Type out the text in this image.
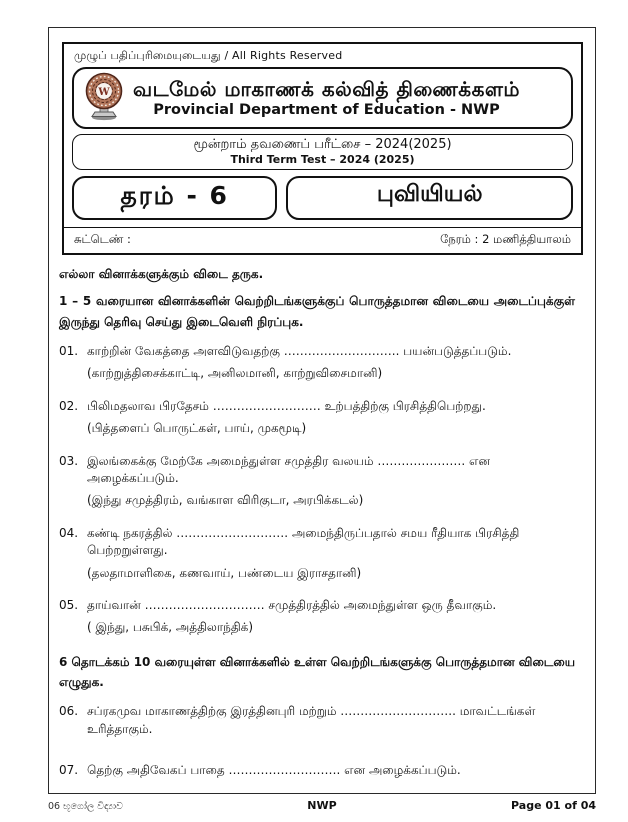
முழுப் பதிப்புரிமையுடையது / All Rights Reserved
W	வடமேல் மாகாணக் கல்வித் திணைக்களம்
Provincial Department of Education - NWP
மூன்றாம் தவணைப் பரீட்சை – 2024(2025)
Third Term Test – 2024 (2025)
தரம் - 6	புவியியல்
சுட்டெண் :	நேரம் : 2 மணித்தியாலம்

எல்லா வினாக்களுக்கும் விடை தருக.

1 – 5 வரையான வினாக்களின் வெற்றிடங்களுக்குப் பொருத்தமான விடையை அடைப்புக்குள் இருந்து தெரிவு செய்து இடைவெளி நிரப்புக.

01. காற்றின் வேகத்தை அளவிடுவதற்கு ……………………….. பயன்படுத்தப்படும்.
(காற்றுத்திசைக்காட்டி, அனிலமானி, காற்றுவிசைமானி)
02. பிலிமதலாவ பிரதேசம் ……………………… உற்பத்திற்கு பிரசித்திபெற்றது.
(பித்தளைப் பொருட்கள், பாய், முகமூடி)
03. இலங்கைக்கு மேற்கே அமைந்துள்ள சமுத்திர வலயம் …………………. என அழைக்கப்படும்.
(இந்து சமுத்திரம், வங்காள விரிகுடா, அரபிக்கடல்)
04. கண்டி நகரத்தில் ………………………. அமைந்திருப்பதால் சமய ரீதியாக பிரசித்தி பெற்றறுள்ளது.
(தலதாமாளிகை, கணவாய், பண்டைய இராசதானி)
05. தாய்வான் ………………………… சமுத்திரத்தில் அமைந்துள்ள ஒரு தீவாகும்.
( இந்து, பசுபிக், அத்திலாந்திக்)

6 தொடக்கம் 10 வரையுள்ள வினாக்களில் உள்ள வெற்றிடங்களுக்கு பொருத்தமான விடையை எழுதுக.

06. சப்ரகமுவ மாகாணத்திற்கு இரத்தினபுரி மற்றும் ……………………….. மாவட்டங்கள் உரித்தாகும்.
07. தெற்கு அதிவேகப் பாதை ………………………. என அழைக்கப்படும்.
06 භූගෝල විද්‍යාව	NWP	Page 01 of 04
